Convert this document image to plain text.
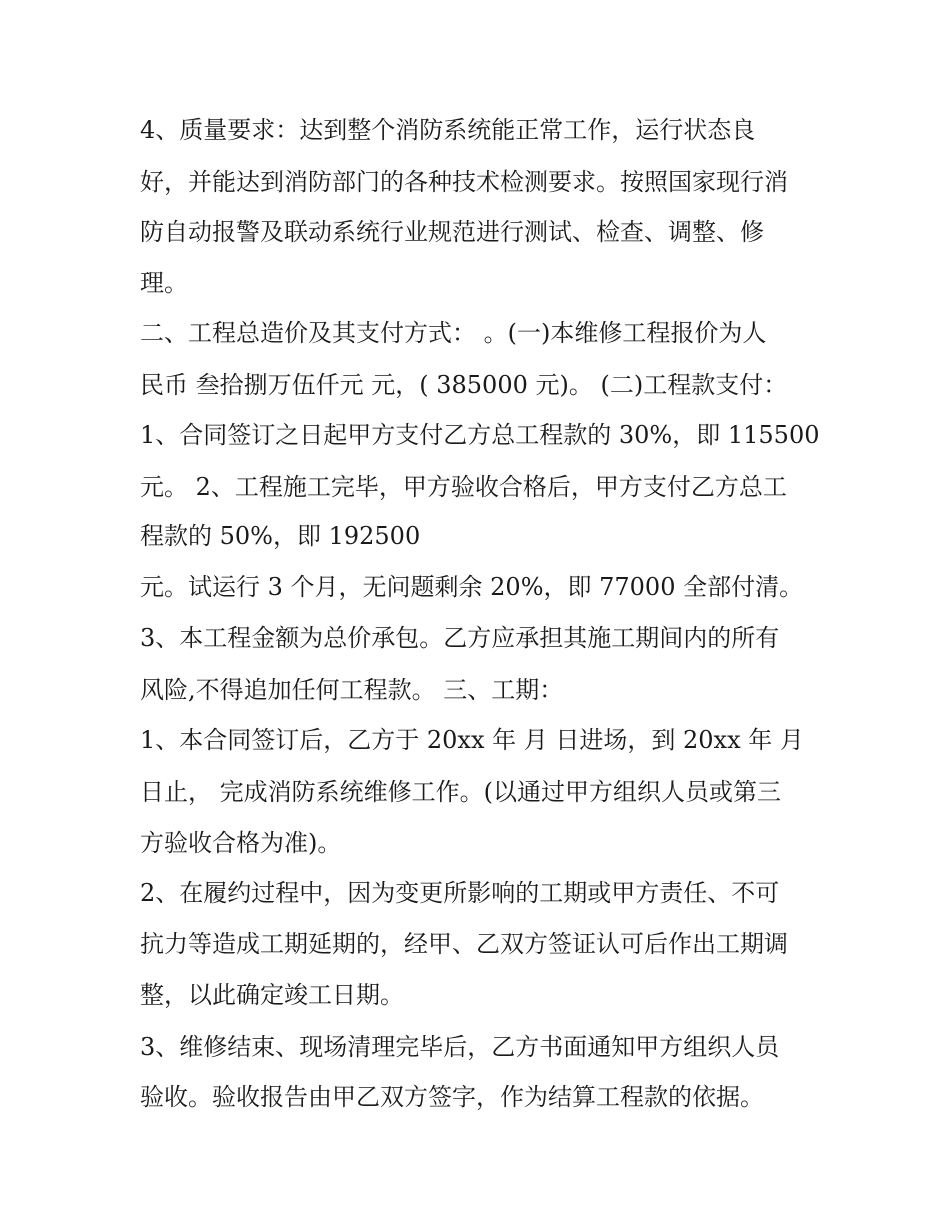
4、质量要求：达到整个消防系统能正常工作，运行状态良
好，并能达到消防部门的各种技术检测要求。按照国家现行消
防自动报警及联动系统行业规范进行测试、检查、调整、修
理。
二、工程总造价及其支付方式： 。(一)本维修工程报价为人
民币 叁拾捌万伍仟元 元，( 385000 元)。 (二)工程款支付：
1、合同签订之日起甲方支付乙方总工程款的 30%，即 115500
元。 2、工程施工完毕，甲方验收合格后，甲方支付乙方总工
程款的 50%，即 192500
元。试运行 3 个月，无问题剩余 20%，即 77000 全部付清。
3、本工程金额为总价承包。乙方应承担其施工期间内的所有
风险,不得追加任何工程款。 三、工期：
1、本合同签订后，乙方于 20xx 年 月 日进场，到 20xx 年 月
日止， 完成消防系统维修工作。(以通过甲方组织人员或第三
方验收合格为准)。
2、在履约过程中，因为变更所影响的工期或甲方责任、不可
抗力等造成工期延期的，经甲、乙双方签证认可后作出工期调
整，以此确定竣工日期。
3、维修结束、现场清理完毕后，乙方书面通知甲方组织人员
验收。验收报告由甲乙双方签字，作为结算工程款的依据。
